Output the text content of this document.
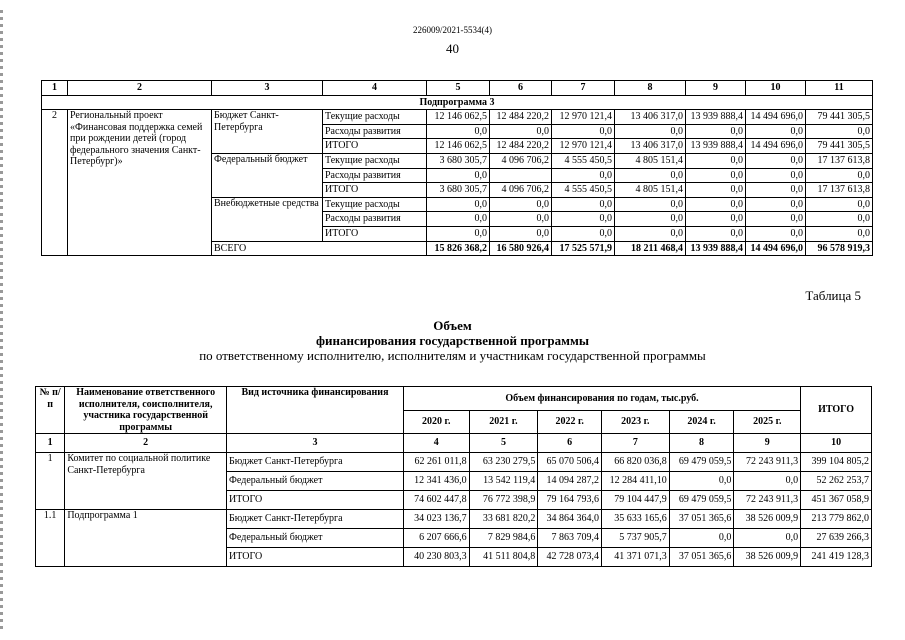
226009/2021-5534(4)
40
1	2	3	4	5	6	7	8	9	10	11
Подпрограмма 3										
2	Региональный проект «Финансовая поддержка семей при рождении детей (город федерального значения Санкт-Петербург)»	Бюджет Санкт-Петербурга	Текущие расходы	12 146 062,5	12 484 220,2	12 970 121,4	13 406 317,0	13 939 888,4	14 494 696,0	79 441 305,5
			Расходы развития	0,0	0,0	0,0	0,0	0,0	0,0	0,0
			ИТОГО	12 146 062,5	12 484 220,2	12 970 121,4	13 406 317,0	13 939 888,4	14 494 696,0	79 441 305,5
		Федеральный бюджет	Текущие расходы	3 680 305,7	4 096 706,2	4 555 450,5	4 805 151,4	0,0	0,0	17 137 613,8
			Расходы развития	0,0		0,0	0,0	0,0	0,0	0,0
			ИТОГО	3 680 305,7	4 096 706,2	4 555 450,5	4 805 151,4	0,0	0,0	17 137 613,8
		Внебюджетные средства	Текущие расходы	0,0	0,0	0,0	0,0	0,0	0,0	0,0
			Расходы развития	0,0	0,0	0,0	0,0	0,0	0,0	0,0
			ИТОГО	0,0	0,0	0,0	0,0	0,0	0,0	0,0
		ВСЕГО		15 826 368,2	16 580 926,4	17 525 571,9	18 211 468,4	13 939 888,4	14 494 696,0	96 578 919,3
Таблица 5
Объем
финансирования государственной программы
по ответственному исполнителю, исполнителям и участникам государственной программы
№ п/п	Наименование ответственного исполнителя, соисполнителя, участника государственной программы	Вид источника финансирования	Объем финансирования по годам, тыс.руб.						ИТОГО
			2020 г.	2021 г.	2022 г.	2023 г.	2024 г.	2025 г.	
1	2	3	4	5	6	7	8	9	10
1	Комитет по социальной политике Санкт-Петербурга	Бюджет Санкт-Петербурга	62 261 011,8	63 230 279,5	65 070 506,4	66 820 036,8	69 479 059,5	72 243 911,3	399 104 805,2
		Федеральный бюджет	12 341 436,0	13 542 119,4	14 094 287,2	12 284 411,10	0,0	0,0	52 262 253,7
		ИТОГО	74 602 447,8	76 772 398,9	79 164 793,6	79 104 447,9	69 479 059,5	72 243 911,3	451 367 058,9
1.1	Подпрограмма 1	Бюджет Санкт-Петербурга	34 023 136,7	33 681 820,2	34 864 364,0	35 633 165,6	37 051 365,6	38 526 009,9	213 779 862,0
		Федеральный бюджет	6 207 666,6	7 829 984,6	7 863 709,4	5 737 905,7	0,0	0,0	27 639 266,3
		ИТОГО	40 230 803,3	41 511 804,8	42 728 073,4	41 371 071,3	37 051 365,6	38 526 009,9	241 419 128,3
